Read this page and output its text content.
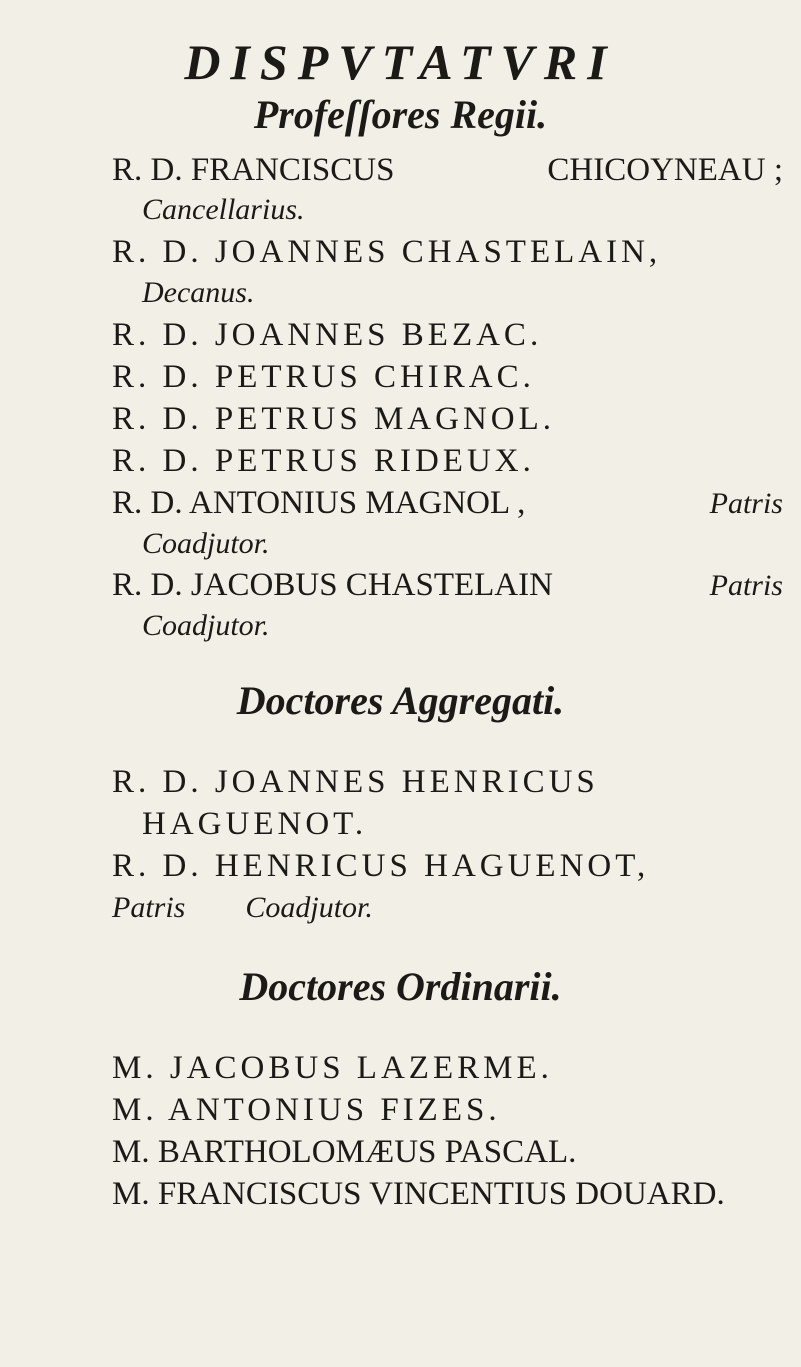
DISPVTATVRI
Profeſſores Regii.
R. D. FRANCISCUS	CHICOYNEAU ;
Cancellarius.
R. D. JOANNES CHASTELAIN,
Decanus.
R. D. JOANNES BEZAC.
R. D. PETRUS CHIRAC.
R. D. PETRUS MAGNOL.
R. D. PETRUS RIDEUX.
R. D. ANTONIUS MAGNOL ,	Patris
Coadjutor.
R. D. JACOBUS CHASTELAIN	Patris
Coadjutor.
Doctores Aggregati.
R. D. JOANNES HENRICUS
HAGUENOT.
R. D. HENRICUS HAGUENOT,
Patris Coadjutor.
Doctores Ordinarii.
M. JACOBUS LAZERME.
M. ANTONIUS FIZES.
M. BARTHOLOMÆUS PASCAL.
M. FRANCISCUS VINCENTIUS DOUARD.
